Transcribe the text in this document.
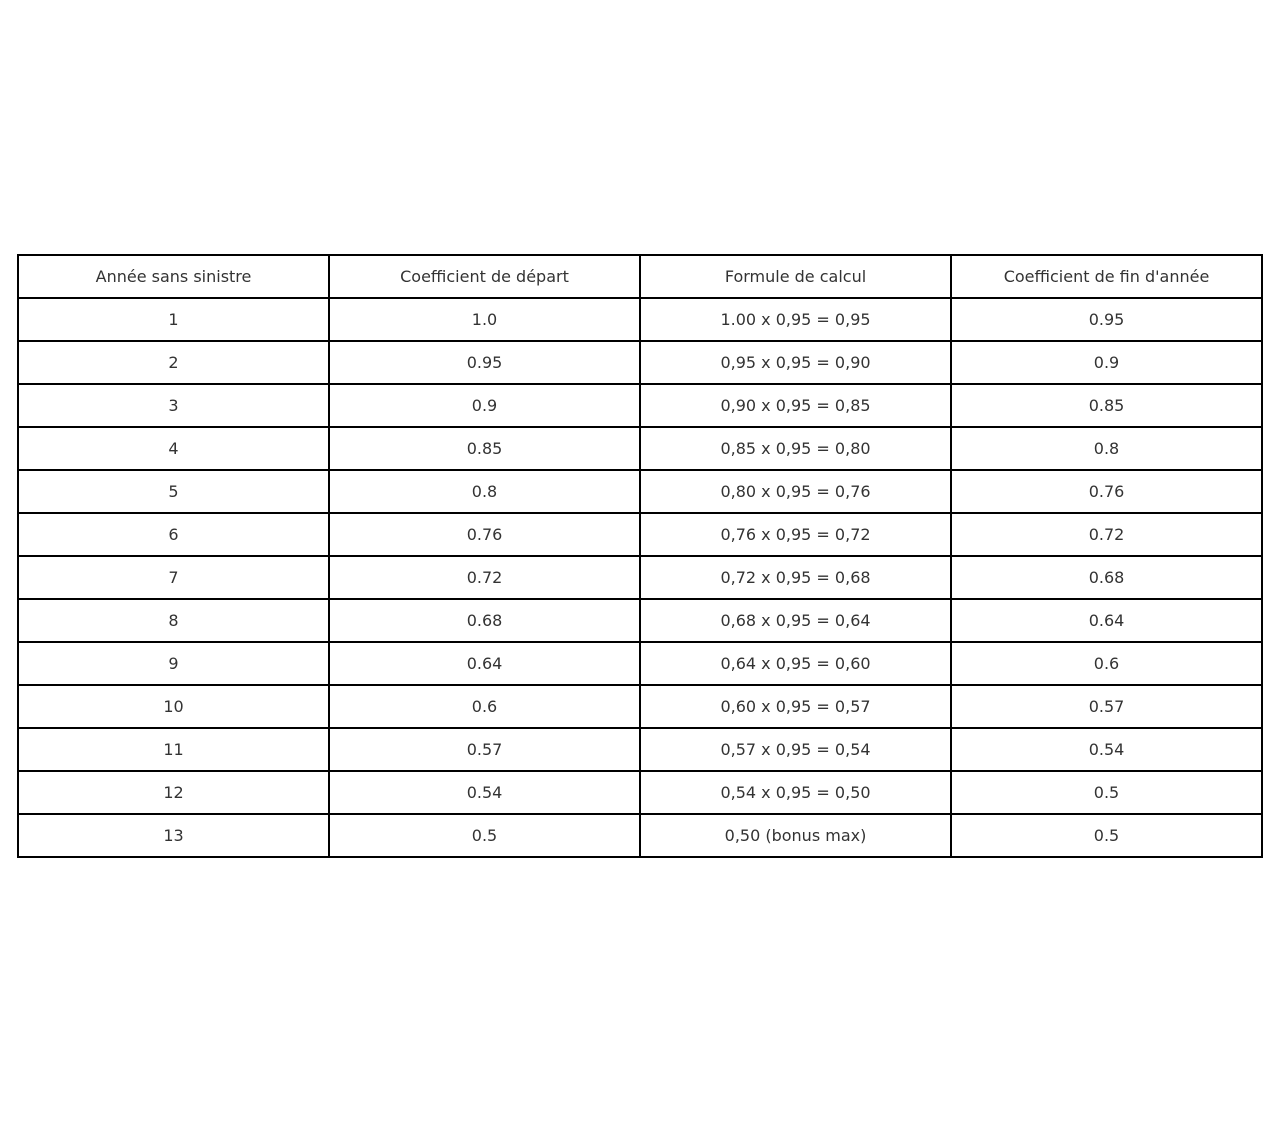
Année sans sinistre	Coefficient de départ	Formule de calcul	Coefficient de fin d'année
1	1.0	1.00 x 0,95 = 0,95	0.95
2	0.95	0,95 x 0,95 = 0,90	0.9
3	0.9	0,90 x 0,95 = 0,85	0.85
4	0.85	0,85 x 0,95 = 0,80	0.8
5	0.8	0,80 x 0,95 = 0,76	0.76
6	0.76	0,76 x 0,95 = 0,72	0.72
7	0.72	0,72 x 0,95 = 0,68	0.68
8	0.68	0,68 x 0,95 = 0,64	0.64
9	0.64	0,64 x 0,95 = 0,60	0.6
10	0.6	0,60 x 0,95 = 0,57	0.57
11	0.57	0,57 x 0,95 = 0,54	0.54
12	0.54	0,54 x 0,95 = 0,50	0.5
13	0.5	0,50 (bonus max)	0.5
